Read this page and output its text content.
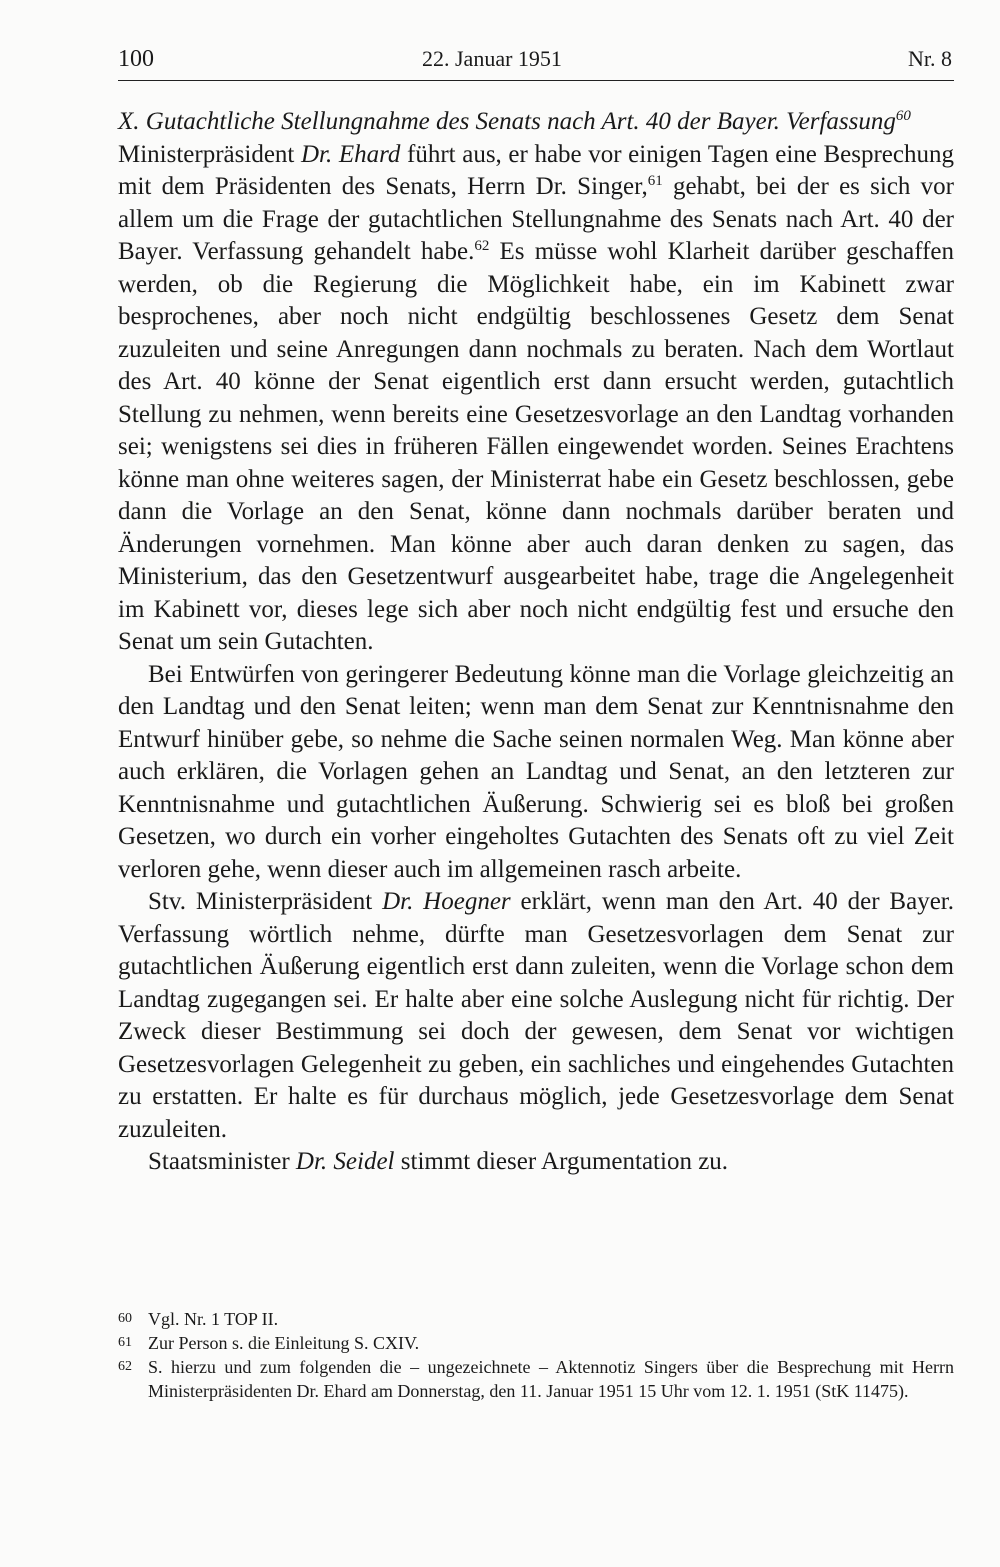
100	22. Januar 1951	Nr. 8

X. Gutachtliche Stellungnahme des Senats nach Art. 40 der Bayer. Verfassung$^{60}$

Ministerpräsident Dr. Ehard führt aus, er habe vor einigen Tagen eine Besprechung mit dem Präsidenten des Senats, Herrn Dr. Singer,$^{61}$ gehabt, bei der es sich vor allem um die Frage der gutachtlichen Stellungnahme des Senats nach Art. 40 der Bayer. Verfassung gehandelt habe.$^{62}$ Es müsse wohl Klarheit darüber geschaffen werden, ob die Regierung die Möglichkeit habe, ein im Kabinett zwar besprochenes, aber noch nicht endgültig beschlossenes Gesetz dem Senat zuzuleiten und seine Anregungen dann nochmals zu beraten. Nach dem Wortlaut des Art. 40 könne der Senat eigentlich erst dann ersucht werden, gutachtlich Stellung zu nehmen, wenn bereits eine Gesetzesvorlage an den Landtag vorhanden sei; wenigstens sei dies in früheren Fällen eingewendet worden. Seines Erachtens könne man ohne weiteres sagen, der Ministerrat habe ein Gesetz beschlossen, gebe dann die Vorlage an den Senat, könne dann nochmals darüber beraten und Änderungen vornehmen. Man könne aber auch daran denken zu sagen, das Ministerium, das den Gesetzentwurf ausgearbeitet habe, trage die Angelegenheit im Kabinett vor, dieses lege sich aber noch nicht endgültig fest und ersuche den Senat um sein Gutachten.

Bei Entwürfen von geringerer Bedeutung könne man die Vorlage gleichzeitig an den Landtag und den Senat leiten; wenn man dem Senat zur Kenntnisnahme den Entwurf hinüber gebe, so nehme die Sache seinen normalen Weg. Man könne aber auch erklären, die Vorlagen gehen an Landtag und Senat, an den letzteren zur Kenntnisnahme und gutachtlichen Äußerung. Schwierig sei es bloß bei großen Gesetzen, wo durch ein vorher eingeholtes Gutachten des Senats oft zu viel Zeit verloren gehe, wenn dieser auch im allgemeinen rasch arbeite.

Stv. Ministerpräsident Dr. Hoegner erklärt, wenn man den Art. 40 der Bayer. Verfassung wörtlich nehme, dürfte man Gesetzesvorlagen dem Senat zur gutachtlichen Äußerung eigentlich erst dann zuleiten, wenn die Vorlage schon dem Landtag zugegangen sei. Er halte aber eine solche Auslegung nicht für richtig. Der Zweck dieser Bestimmung sei doch der gewesen, dem Senat vor wichtigen Gesetzesvorlagen Gelegenheit zu geben, ein sachliches und eingehendes Gutachten zu erstatten. Er halte es für durchaus möglich, jede Gesetzesvorlage dem Senat zuzuleiten.

Staatsminister Dr. Seidel stimmt dieser Argumentation zu.

60 Vgl. Nr. 1 TOP II.
61 Zur Person s. die Einleitung S. CXIV.
62 S. hierzu und zum folgenden die – ungezeichnete – Aktennotiz Singers über die Besprechung mit Herrn Ministerpräsidenten Dr. Ehard am Donnerstag, den 11. Januar 1951 15 Uhr vom 12. 1. 1951 (StK 11475).
